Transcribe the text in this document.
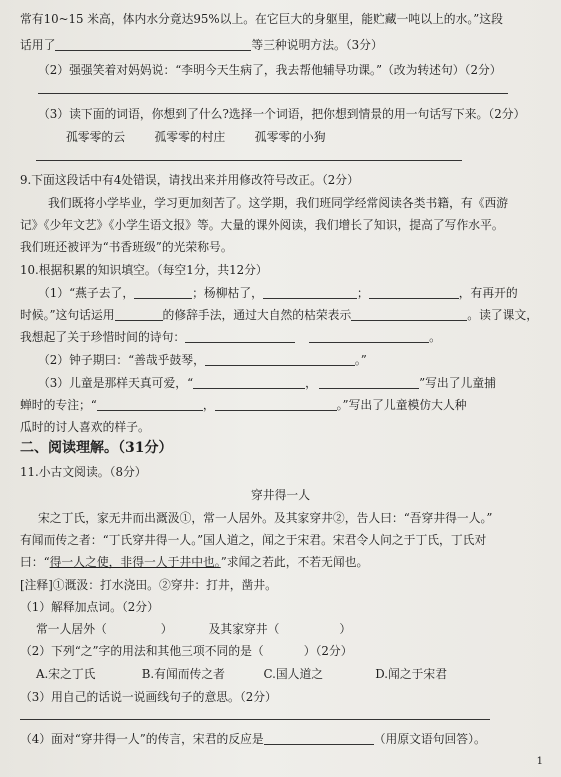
常有10~15 米高，体内水分竟达95%以上。在它巨大的身躯里，能贮藏一吨以上的水。”这段
话用了	等三种说明方法。（3分）
（2）强强笑着对妈妈说：“李明今天生病了，我去帮他辅导功课。”（改为转述句）（2分）
（3）读下面的词语，你想到了什么?选择一个词语，把你想到情景的用一句话写下来。（2分）
孤零零的云	孤零零的村庄	孤零零的小狗
9.下面这段话中有4处错误，请找出来并用修改符号改正。（2分）
我们既将小学毕业，学习更加刻苦了。这学期，我们班同学经常阅读各类书籍，有《西游
记》《少年文艺》《小学生语文报》等。大量的课外阅读，我们增长了知识，提高了写作水平。
我们班还被评为“书香班级”的光荣称号。
10.根据积累的知识填空。（每空1分，共12分）
（1）“燕子去了，	；杨柳枯了，	；	，有再开的
时候。”这句话运用	的修辞手法，通过大自然的枯荣表示	。读了课文，
我想起了关于珍惜时间的诗句：	。
（2）钟子期曰：“善哉乎鼓琴，	。”
（3）儿童是那样天真可爱，“	，	”写出了儿童捕
蝉时的专注；“	，	。”写出了儿童模仿大人种
瓜时的讨人喜欢的样子。
二、阅读理解。（31分）
11.小古文阅读。（8分）
穿井得一人
宋之丁氏，家无井而出溉汲①，常一人居外。及其家穿井②，告人曰：“吾穿井得一人。”
有闻而传之者：“丁氏穿井得一人。”国人道之，闻之于宋君。宋君令人问之于丁氏，丁氏对
曰：“得一人之使，非得一人于井中也。”求闻之若此，不若无闻也。
[注释]①溉汲：打水浇田。②穿井：打井，凿井。
（1）解释加点词。（2分）
常一人居外（	）	及其家穿井（	）
（2）下列“之”字的用法和其他三项不同的是（	）（2分）
A.宋之丁氏	B.有闻而传之者	C.国人道之	D.闻之于宋君
（3）用自己的话说一说画线句子的意思。（2分）
（4）面对“穿井得一人”的传言，宋君的反应是	（用原文语句回答）。
1
